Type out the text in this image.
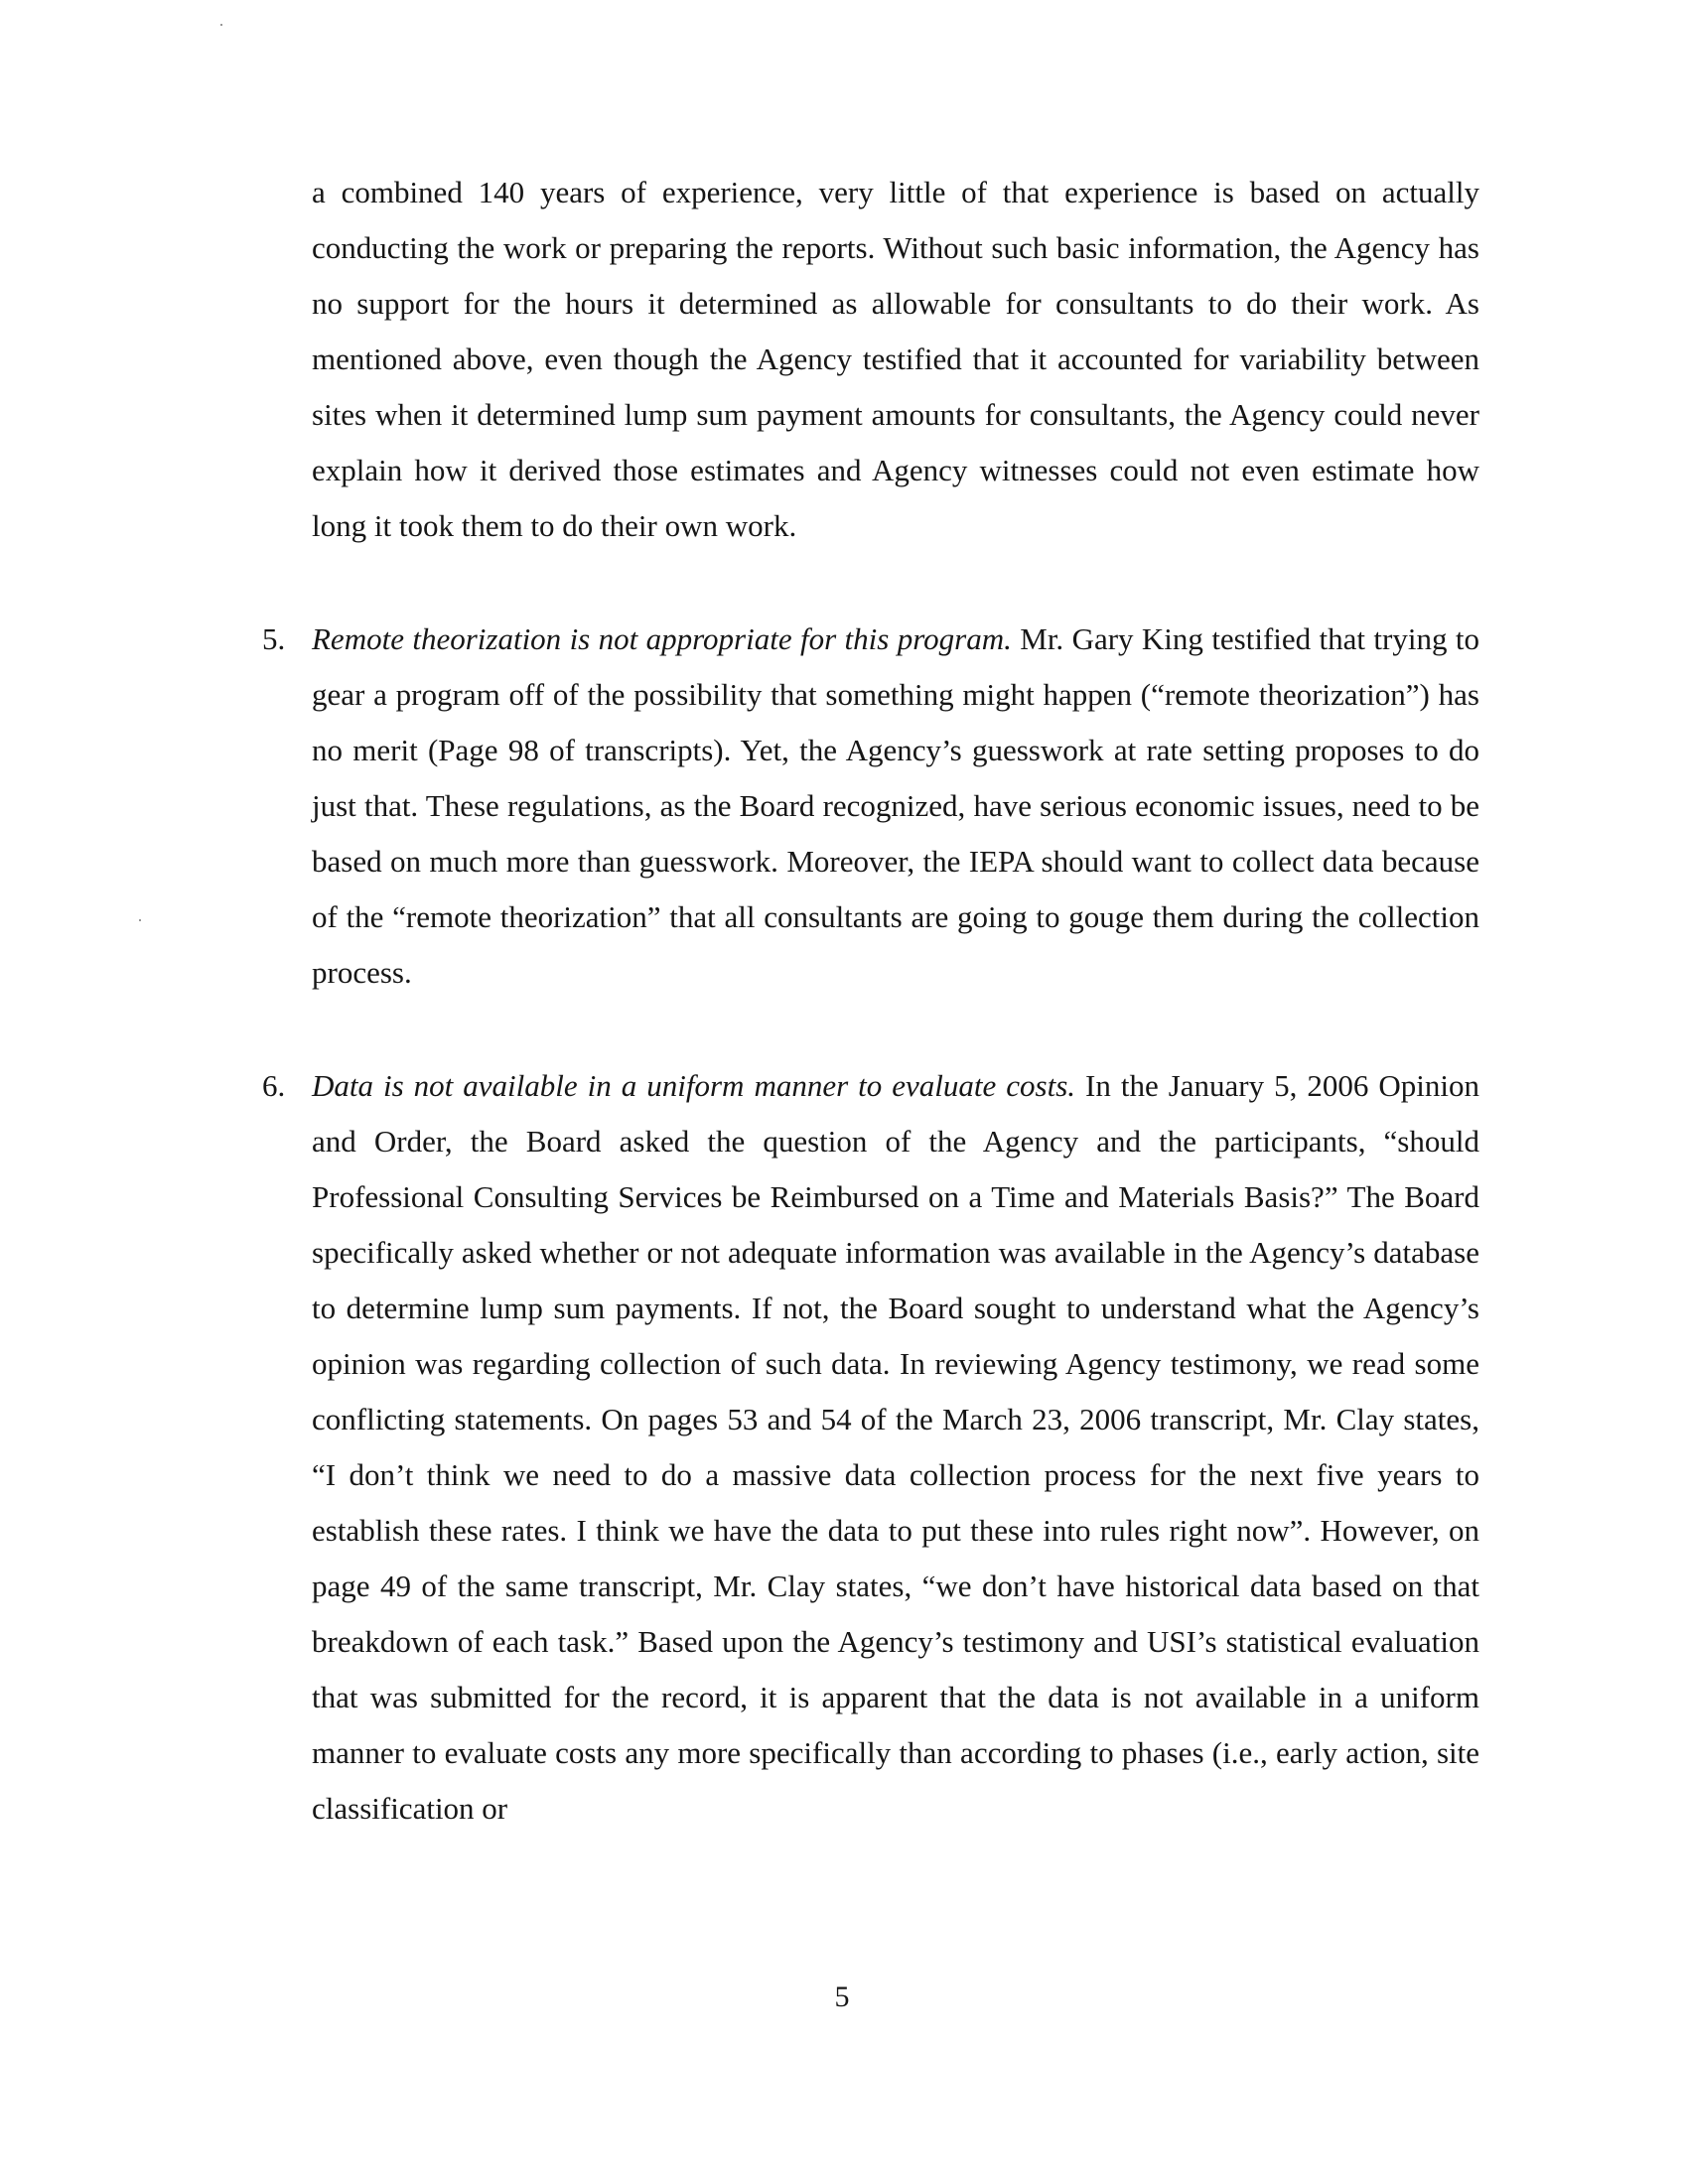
a combined 140 years of experience, very little of that experience is based on actually conducting the work or preparing the reports. Without such basic information, the Agency has no support for the hours it determined as allowable for consultants to do their work. As mentioned above, even though the Agency testified that it accounted for variability between sites when it determined lump sum payment amounts for consultants, the Agency could never explain how it derived those estimates and Agency witnesses could not even estimate how long it took them to do their own work.

5. Remote theorization is not appropriate for this program. Mr. Gary King testified that trying to gear a program off of the possibility that something might happen (“remote theorization”) has no merit (Page 98 of transcripts). Yet, the Agency’s guesswork at rate setting proposes to do just that. These regulations, as the Board recognized, have serious economic issues, need to be based on much more than guesswork. Moreover, the IEPA should want to collect data because of the “remote theorization” that all consultants are going to gouge them during the collection process.
6. Data is not available in a uniform manner to evaluate costs. In the January 5, 2006 Opinion and Order, the Board asked the question of the Agency and the participants, “should Professional Consulting Services be Reimbursed on a Time and Materials Basis?” The Board specifically asked whether or not adequate information was available in the Agency’s database to determine lump sum payments. If not, the Board sought to understand what the Agency’s opinion was regarding collection of such data. In reviewing Agency testimony, we read some conflicting statements. On pages 53 and 54 of the March 23, 2006 transcript, Mr. Clay states, “I don’t think we need to do a massive data collection process for the next five years to establish these rates. I think we have the data to put these into rules right now”. However, on page 49 of the same transcript, Mr. Clay states, “we don’t have historical data based on that breakdown of each task.” Based upon the Agency’s testimony and USI’s statistical evaluation that was submitted for the record, it is apparent that the data is not available in a uniform manner to evaluate costs any more specifically than according to phases (i.e., early action, site classification or
5
